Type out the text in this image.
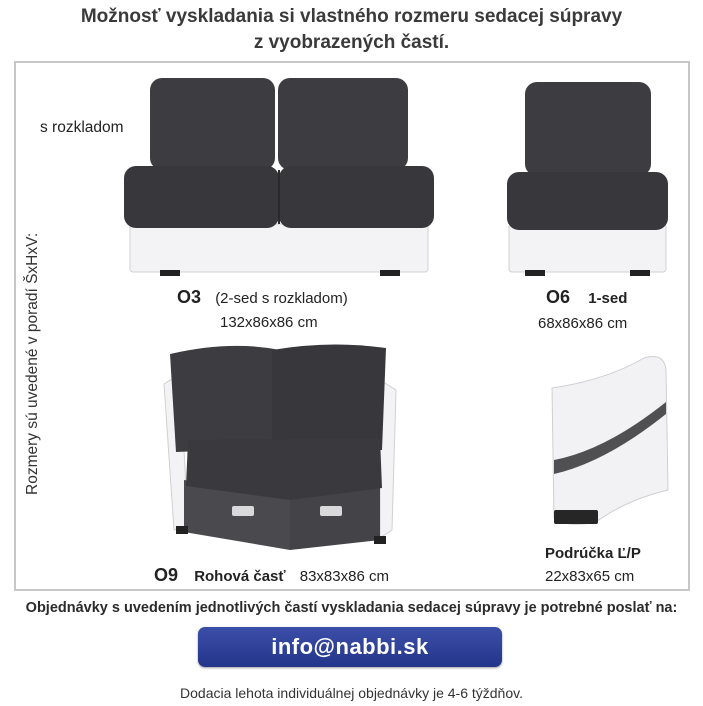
Možnosť vyskladania si vlastného rozmeru sedacej súpravy
z vyobrazených častí.
Rozmery sú uvedené v poradí ŠxHxV:
s rozkladom
O3 (2-sed s rozkladom)
132x86x86 cm
O6 1-sed
68x86x86 cm
O9 Rohová časť 83x83x86 cm
Podrúčka Ľ/P
22x83x65 cm
Objednávky s uvedením jednotlivých častí vyskladania sedacej súpravy je potrebné poslať na:
info@nabbi.sk
Dodacia lehota individuálnej objednávky je 4-6 týždňov.
